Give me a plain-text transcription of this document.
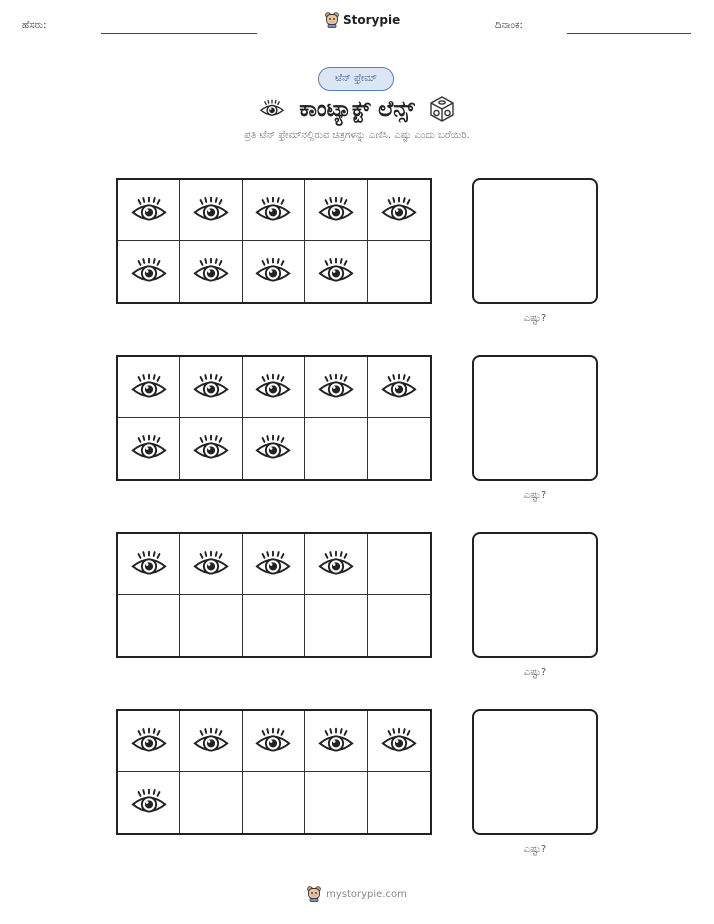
ಹೆಸರು:	Storypie	ದಿನಾಂಕ:
ಟೆನ್ ಫ್ರೇಮ್
ಕಾಂಟ್ಯಾಕ್ಟ್ ಲೆನ್ಸ್
ಪ್ರತಿ ಟೆನ್ ಫ್ರೇಮ್‌ನಲ್ಲಿರುವ ಚಿತ್ರಗಳನ್ನು ಎಣಿಸಿ. ಎಷ್ಟು ಎಂದು ಬರೆಯಿರಿ.
ಎಷ್ಟು?
ಎಷ್ಟು?
ಎಷ್ಟು?
ಎಷ್ಟು?
mystorypie.com
